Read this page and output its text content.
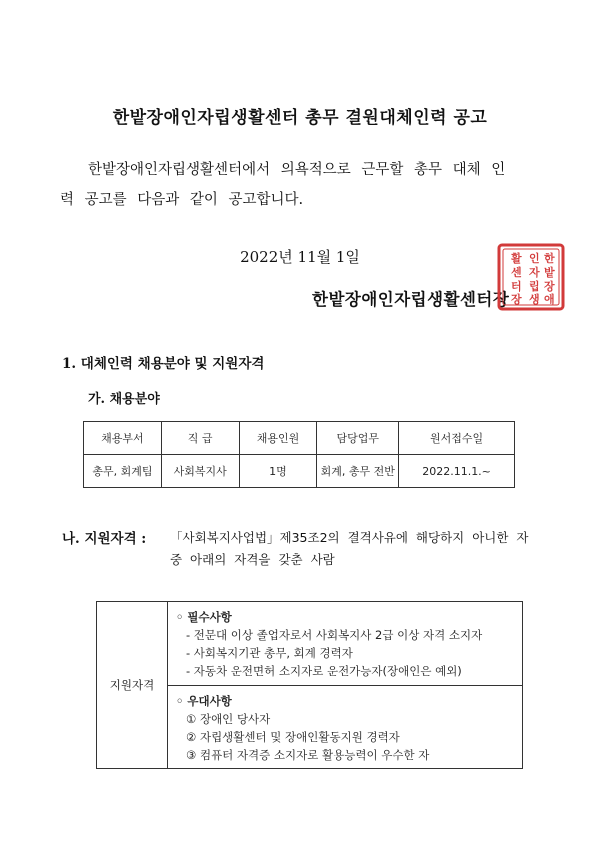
한밭장애인자립생활센터 총무 결원대체인력 공고
한밭장애인자립생활센터에서 의욕적으로 근무할 총무 대체 인
력 공고를 다음과 같이 공고합니다.
2022년 11월 1일
한밭장애인자립생활센터장
한
밭
장
애
인
자
립
생
활
센
터
장
1. 대체인력 채용분야 및 지원자격
가. 채용분야
채용부서	직 급	채용인원	담당업무	원서접수일
총무, 회계팀	사회복지사	1명	회계, 총무 전반	2022.11.1.~
나. 지원자격 : 「사회복지사업법」제35조2의 결격사유에 해당하지 아니한 자
중 아래의 자격을 갖춘 사람
지원자격
◦ 필수사항
- 전문대 이상 졸업자로서 사회복지사 2급 이상 자격 소지자
- 사회복지기관 총무, 회계 경력자
- 자동차 운전면허 소지자로 운전가능자(장애인은 예외)
◦ 우대사항
① 장애인 당사자
② 자립생활센터 및 장애인활동지원 경력자
③ 컴퓨터 자격증 소지자로 활용능력이 우수한 자
